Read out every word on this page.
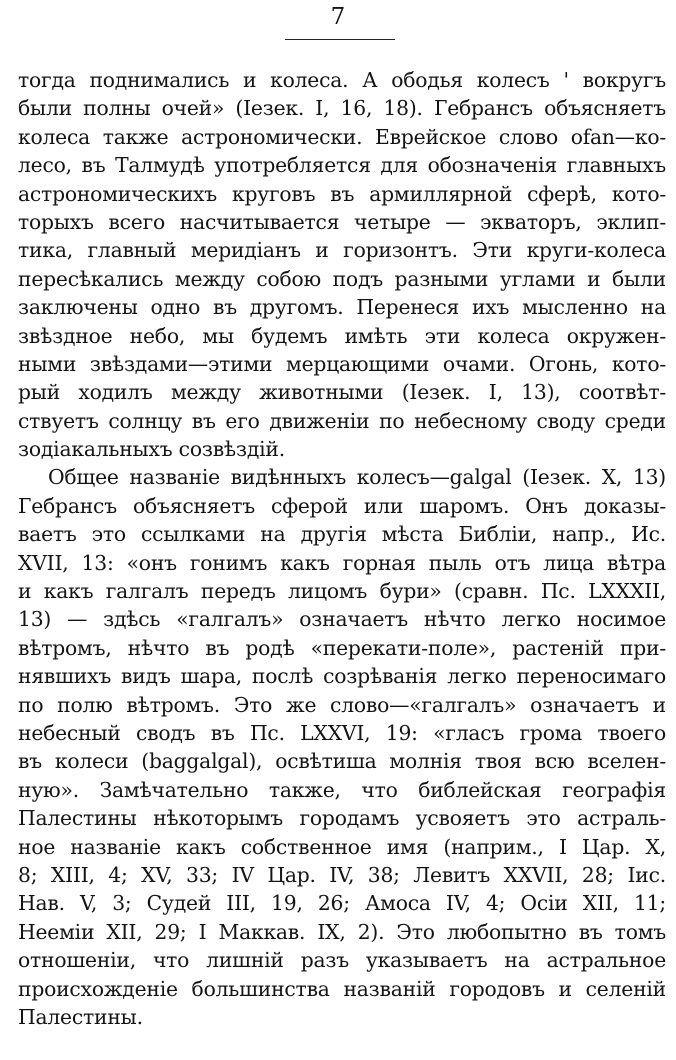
7
тогда поднимались и колеса. А ободья колесъ ' вокругъ
были полны очей» (Iезек. I, 16, 18). Гебрансъ объясняетъ
колеса также астрономически. Еврейское слово ofan—ко-
лесо, въ Талмудѣ употребляется для обозначенія главныхъ
астрономическихъ круговъ въ армиллярной сферѣ, кото-
торыхъ всего насчитывается четыре — экваторъ, эклип-
тика, главный меридіанъ и горизонтъ. Эти круги-колеса
пересѣкались между собою подъ разными углами и были
заключены одно въ другомъ. Перенеся ихъ мысленно на
звѣздное небо, мы будемъ имѣть эти колеса окружен-
ными звѣздами—этими мерцающими очами. Огонь, кото-
рый ходилъ между животными (Iезек. I, 13), соотвѣт-
ствуетъ солнцу въ его движеніи по небесному своду среди
зодіакальныхъ созвѣздій.
Общее названіе видѣнныхъ колесъ—galgal (Iезек. X, 13)
Гебрансъ объясняетъ сферой или шаромъ. Онъ доказы-
ваетъ это ссылками на другія мѣста Библіи, напр., Ис.
XVII, 13: «онъ гонимъ какъ горная пыль отъ лица вѣтра
и какъ галгалъ передъ лицомъ бури» (сравн. Пс. LXXXII,
13) — здѣсь «галгалъ» означаетъ нѣчто легко носимое
вѣтромъ, нѣчто въ родѣ «перекати-поле», растеній при-
нявшихъ видъ шара, послѣ созрѣванія легко переносимаго
по полю вѣтромъ. Это же слово—«галгалъ» означаетъ и
небесный сводъ въ Пс. LXXVI, 19: «гласъ грома твоего
въ колеси (baggalgal), освѣтиша молнія твоя всю вселен-
ную». Замѣчательно также, что библейская географія
Палестины нѣкоторымъ городамъ усвояетъ это астраль-
ное названіе какъ собственное имя (наприм., I Цар. X,
8; XIII, 4; XV, 33; IV Цар. IV, 38; Левитъ XXVII, 28; Iис.
Нав. V, 3; Судей III, 19, 26; Амоса IV, 4; Осіи XII, 11;
Неемiи XII, 29; I Маккав. IX, 2). Это любопытно въ томъ
отношеніи, что лишній разъ указываетъ на астральное
происхожденіе большинства названій городовъ и селеній
Палестины.
